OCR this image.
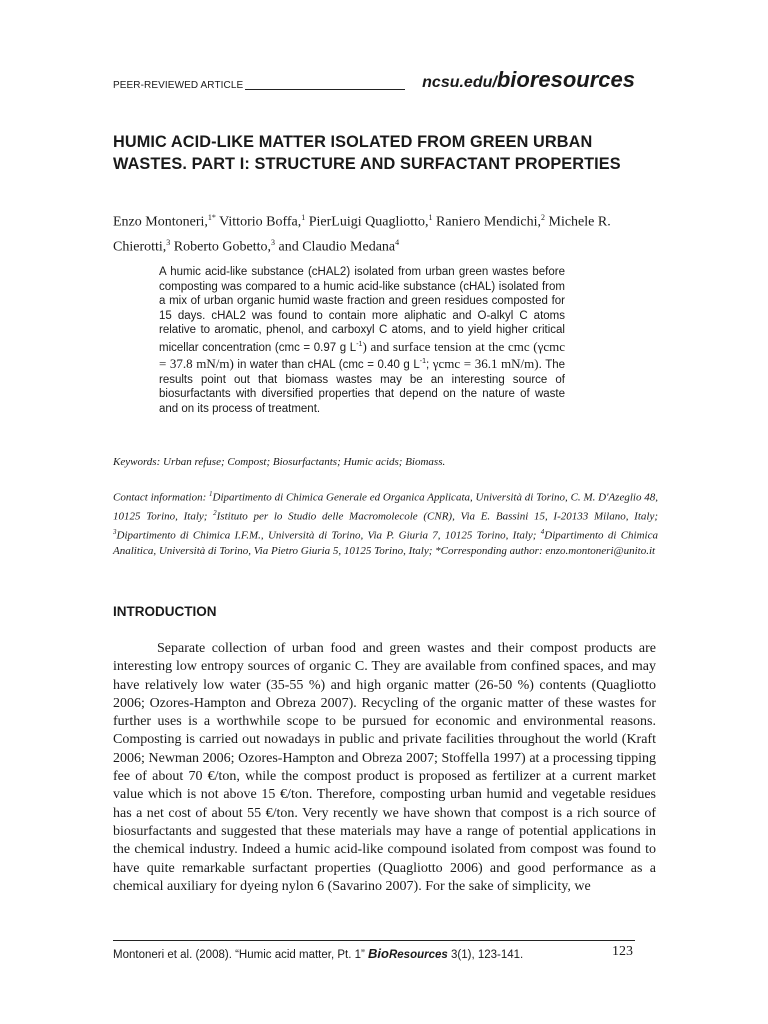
PEER-REVIEWED ARTICLE	ncsu.edu/bioresources
HUMIC ACID-LIKE MATTER ISOLATED FROM GREEN URBAN WASTES. PART I: STRUCTURE AND SURFACTANT PROPERTIES
Enzo Montoneri,$^{1*}$ Vittorio Boffa,$^1$ PierLuigi Quagliotto,$^1$ Raniero Mendichi,$^2$ Michele R. Chierotti,$^3$ Roberto Gobetto,$^3$ and Claudio Medana$^4$
A humic acid-like substance (cHAL2) isolated from urban green wastes before composting was compared to a humic acid-like substance (cHAL) isolated from a mix of urban organic humid waste fraction and green residues composted for 15 days. cHAL2 was found to contain more aliphatic and O-alkyl C atoms relative to aromatic, phenol, and carboxyl C atoms, and to yield higher critical micellar concentration (cmc = 0.97 g $L^{-1}$) and surface tension at the cmc (γcmc = 37.8 mN/m) in water than cHAL (cmc = 0.40 g $L^{-1}$; γcmc = 36.1 mN/m). The results point out that biomass wastes may be an interesting source of biosurfactants with diversified properties that depend on the nature of waste and on its process of treatment.
Keywords: Urban refuse; Compost; Biosurfactants; Humic acids; Biomass.
Contact information: $^1$Dipartimento di Chimica Generale ed Organica Applicata, Università di Torino, C. M. D'Azeglio 48, 10125 Torino, Italy; $^2$Istituto per lo Studio delle Macromolecole (CNR), Via E. Bassini 15, I-20133 Milano, Italy; $^3$Dipartimento di Chimica I.F.M., Università di Torino, Via P. Giuria 7, 10125 Torino, Italy; $^4$Dipartimento di Chimica Analitica, Università di Torino, Via Pietro Giuria 5, 10125 Torino, Italy; *Corresponding author: enzo.montoneri@unito.it
INTRODUCTION

Separate collection of urban food and green wastes and their compost products are interesting low entropy sources of organic C. They are available from confined spaces, and may have relatively low water (35-55 %) and high organic matter (26-50 %) contents (Quagliotto 2006; Ozores-Hampton and Obreza 2007). Recycling of the organic matter of these wastes for further uses is a worthwhile scope to be pursued for economic and environmental reasons. Composting is carried out nowadays in public and private facilities throughout the world (Kraft 2006; Newman 2006; Ozores-Hampton and Obreza 2007; Stoffella 1997) at a processing tipping fee of about 70 €/ton, while the compost product is proposed as fertilizer at a current market value which is not above 15 €/ton. Therefore, composting urban humid and vegetable residues has a net cost of about 55 €/ton. Very recently we have shown that compost is a rich source of biosurfactants and suggested that these materials may have a range of potential applications in the chemical industry. Indeed a humic acid-like compound isolated from compost was found to have quite remarkable surfactant properties (Quagliotto 2006) and good performance as a chemical auxiliary for dyeing nylon 6 (Savarino 2007). For the sake of simplicity, we

Montoneri et al. (2008). “Humic acid matter, Pt. 1” BioResources 3(1), 123-141.	123
